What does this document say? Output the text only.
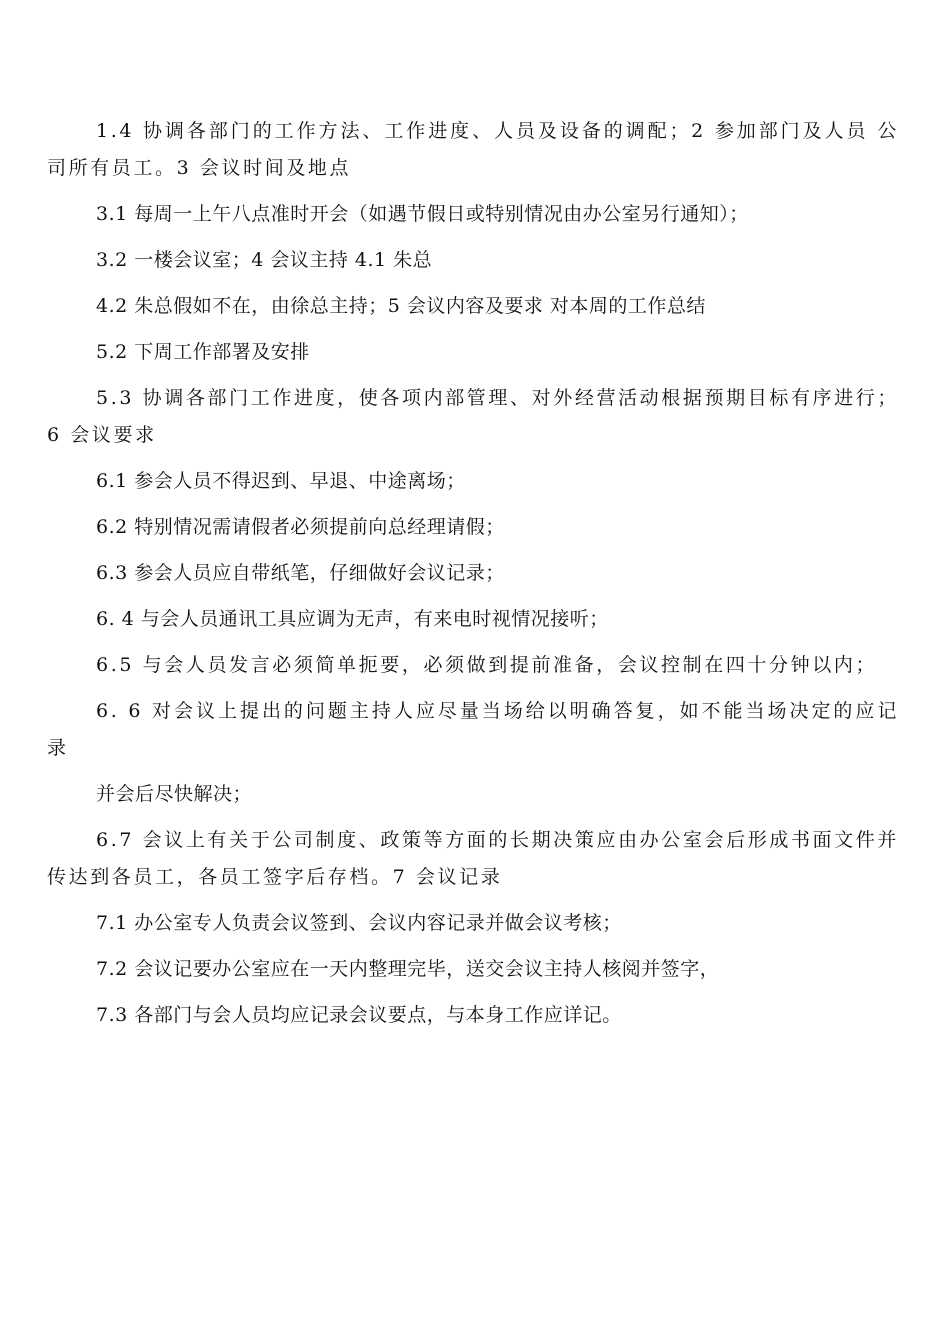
1.4 协调各部门的工作方法、工作进度、人员及设备的调配；2 参加部门及人员 公司所有员工。3 会议时间及地点

3.1 每周一上午八点准时开会（如遇节假日或特别情况由办公室另行通知）；

3.2 一楼会议室；4 会议主持 4.1 朱总

4.2 朱总假如不在，由徐总主持；5 会议内容及要求 对本周的工作总结

5.2 下周工作部署及安排

5.3 协调各部门工作进度，使各项内部管理、对外经营活动根据预期目标有序进行；6 会议要求

6.1 参会人员不得迟到、早退、中途离场；

6.2 特别情况需请假者必须提前向总经理请假；

6.3 参会人员应自带纸笔，仔细做好会议记录；

6. 4 与会人员通讯工具应调为无声，有来电时视情况接听；

6.5 与会人员发言必须简单扼要，必须做到提前准备，会议控制在四十分钟以内；

6. 6 对会议上提出的问题主持人应尽量当场给以明确答复，如不能当场决定的应记录

并会后尽快解决；

6.7 会议上有关于公司制度、政策等方面的长期决策应由办公室会后形成书面文件并传达到各员工，各员工签字后存档。7 会议记录

7.1 办公室专人负责会议签到、会议内容记录并做会议考核；

7.2 会议记要办公室应在一天内整理完毕，送交会议主持人核阅并签字，

7.3 各部门与会人员均应记录会议要点，与本身工作应详记。
